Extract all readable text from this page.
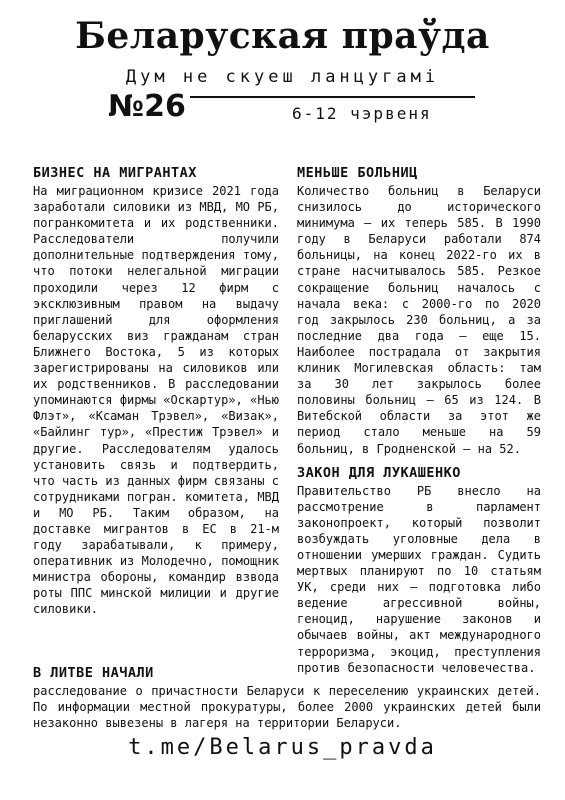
Беларуская праўда
Дум не скуеш ланцугамі
№26	6-12 чэрвеня
БИЗНЕС НА МИГРАНТАХ

На миграционном кризисе 2021 года заработали силовики из МВД, МО РБ, погранкомитета и их родственники. Расследователи получили дополнительные подтверждения тому, что потоки нелегальной миграции проходили через 12 фирм с эксклюзивным правом на выдачу приглашений для оформления беларусских виз гражданам стран Ближнего Востока, 5 из которых зарегистрированы на силовиков или их родственников. В расследовании упоминаются фирмы «Оскартур», «Нью Флэт», «Ксаман Трэвел», «Визак», «Байлинг тур», «Престиж Трэвел» и другие. Расследователям удалось установить связь и подтвердить, что часть из данных фирм связаны с сотрудниками погран. комитета, МВД и МО РБ. Таким образом, на доставке мигрантов в ЕС в 21-м году зарабатывали, к примеру, оперативник из Молодечно, помощник министра обороны, командир взвода роты ППС минской милиции и другие силовики.

МЕНЬШЕ БОЛЬНИЦ

Количество больниц в Беларуси снизилось до исторического минимума — их теперь 585. В 1990 году в Беларуси работали 874 больницы, на конец 2022-го их в стране насчитывалось 585. Резкое сокращение больниц началось с начала века: с 2000-го по 2020 год закрылось 230 больниц, а за последние два года — еще 15. Наиболее пострадала от закрытия клиник Могилевская область: там за 30 лет закрылось более половины больниц — 65 из 124. В Витебской области за этот же период стало меньше на 59 больниц, в Гродненской — на 52.

ЗАКОН ДЛЯ ЛУКАШЕНКО

Правительство РБ внесло на рассмотрение в парламент законопроект, который позволит возбуждать уголовные дела в отношении умерших граждан. Судить мертвых планируют по 10 статьям УК, среди них — подготовка либо ведение агрессивной войны, геноцид, нарушение законов и обычаев войны, акт международного терроризма, экоцид, преступления против безопасности человечества.

В ЛИТВЕ НАЧАЛИ

расследование о причастности Беларуси к переселению украинских детей. По информации местной прокуратуры, более 2000 украинских детей были незаконно вывезены в лагеря на территории Беларуси.

t.me/Belarus_pravda
